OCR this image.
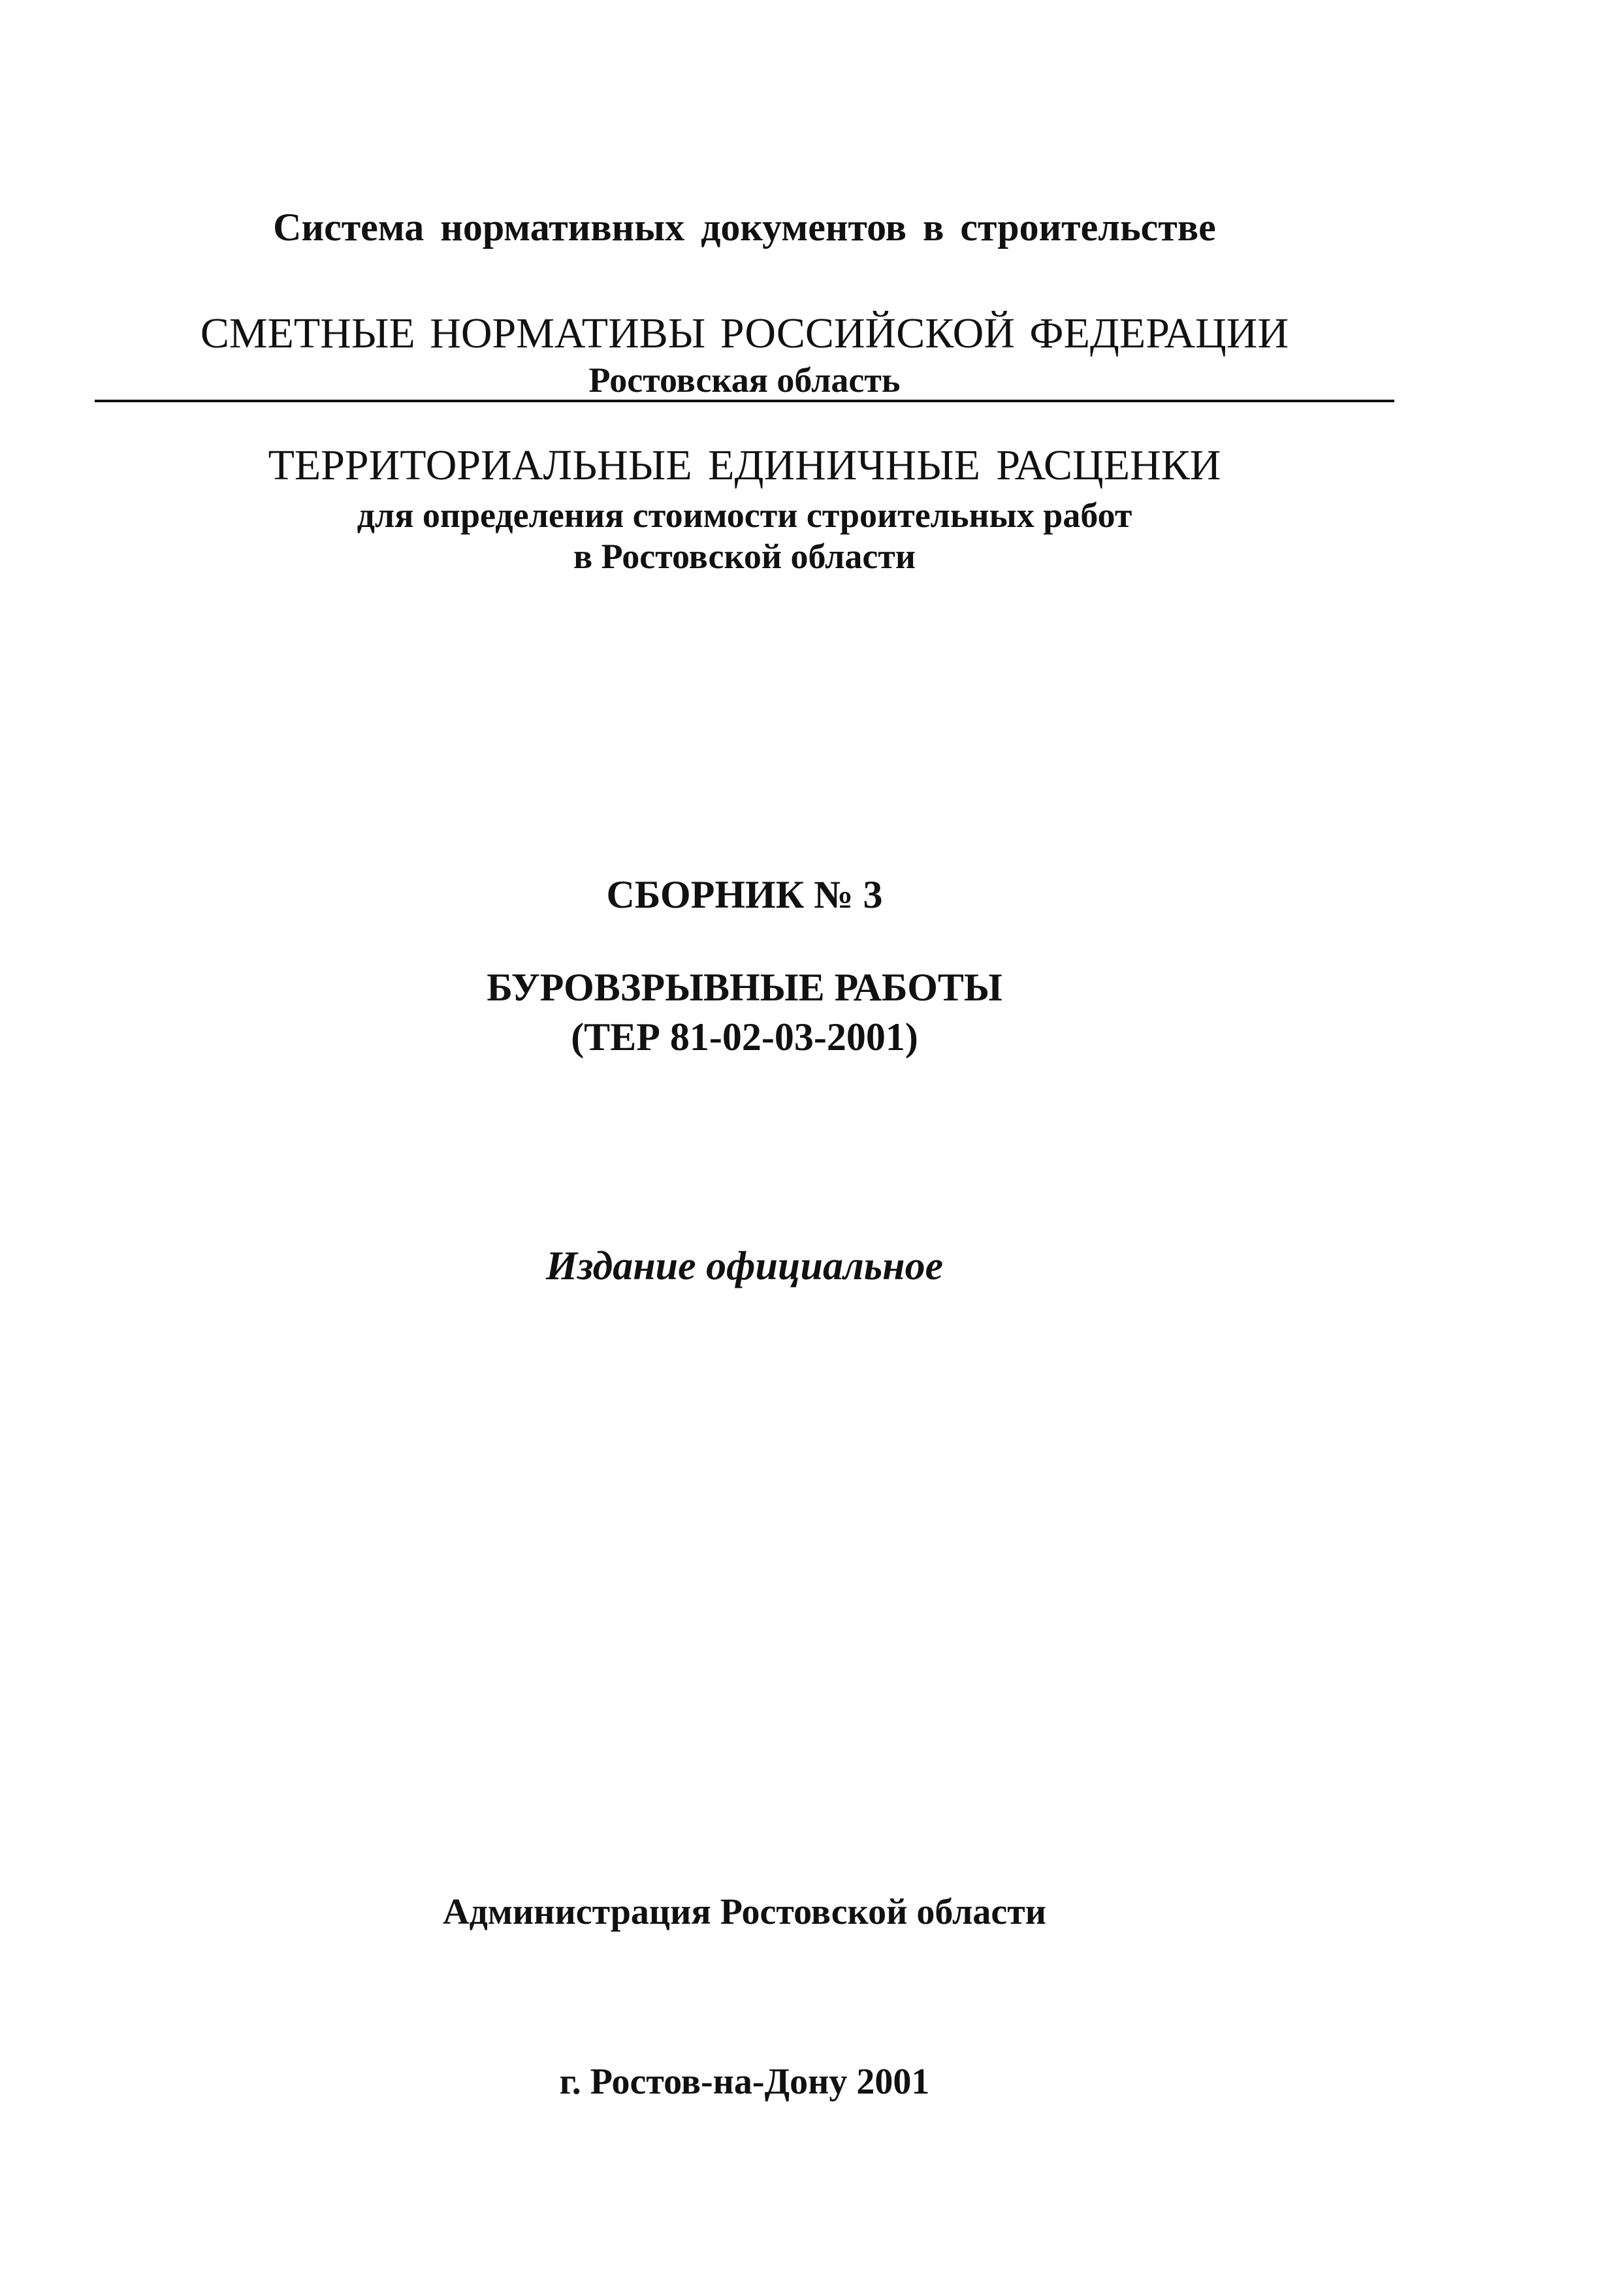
Система нормативных документов в строительстве
СМЕТНЫЕ НОРМАТИВЫ РОССИЙСКОЙ ФЕДЕРАЦИИ
Ростовская область
ТЕРРИТОРИАЛЬНЫЕ ЕДИНИЧНЫЕ РАСЦЕНКИ
для определения стоимости строительных работ
в Ростовской области
СБОРНИК № 3
БУРОВЗРЫВНЫЕ РАБОТЫ
(ТЕР 81-02-03-2001)
Издание официальное
Администрация Ростовской области
г. Ростов-на-Дону 2001
